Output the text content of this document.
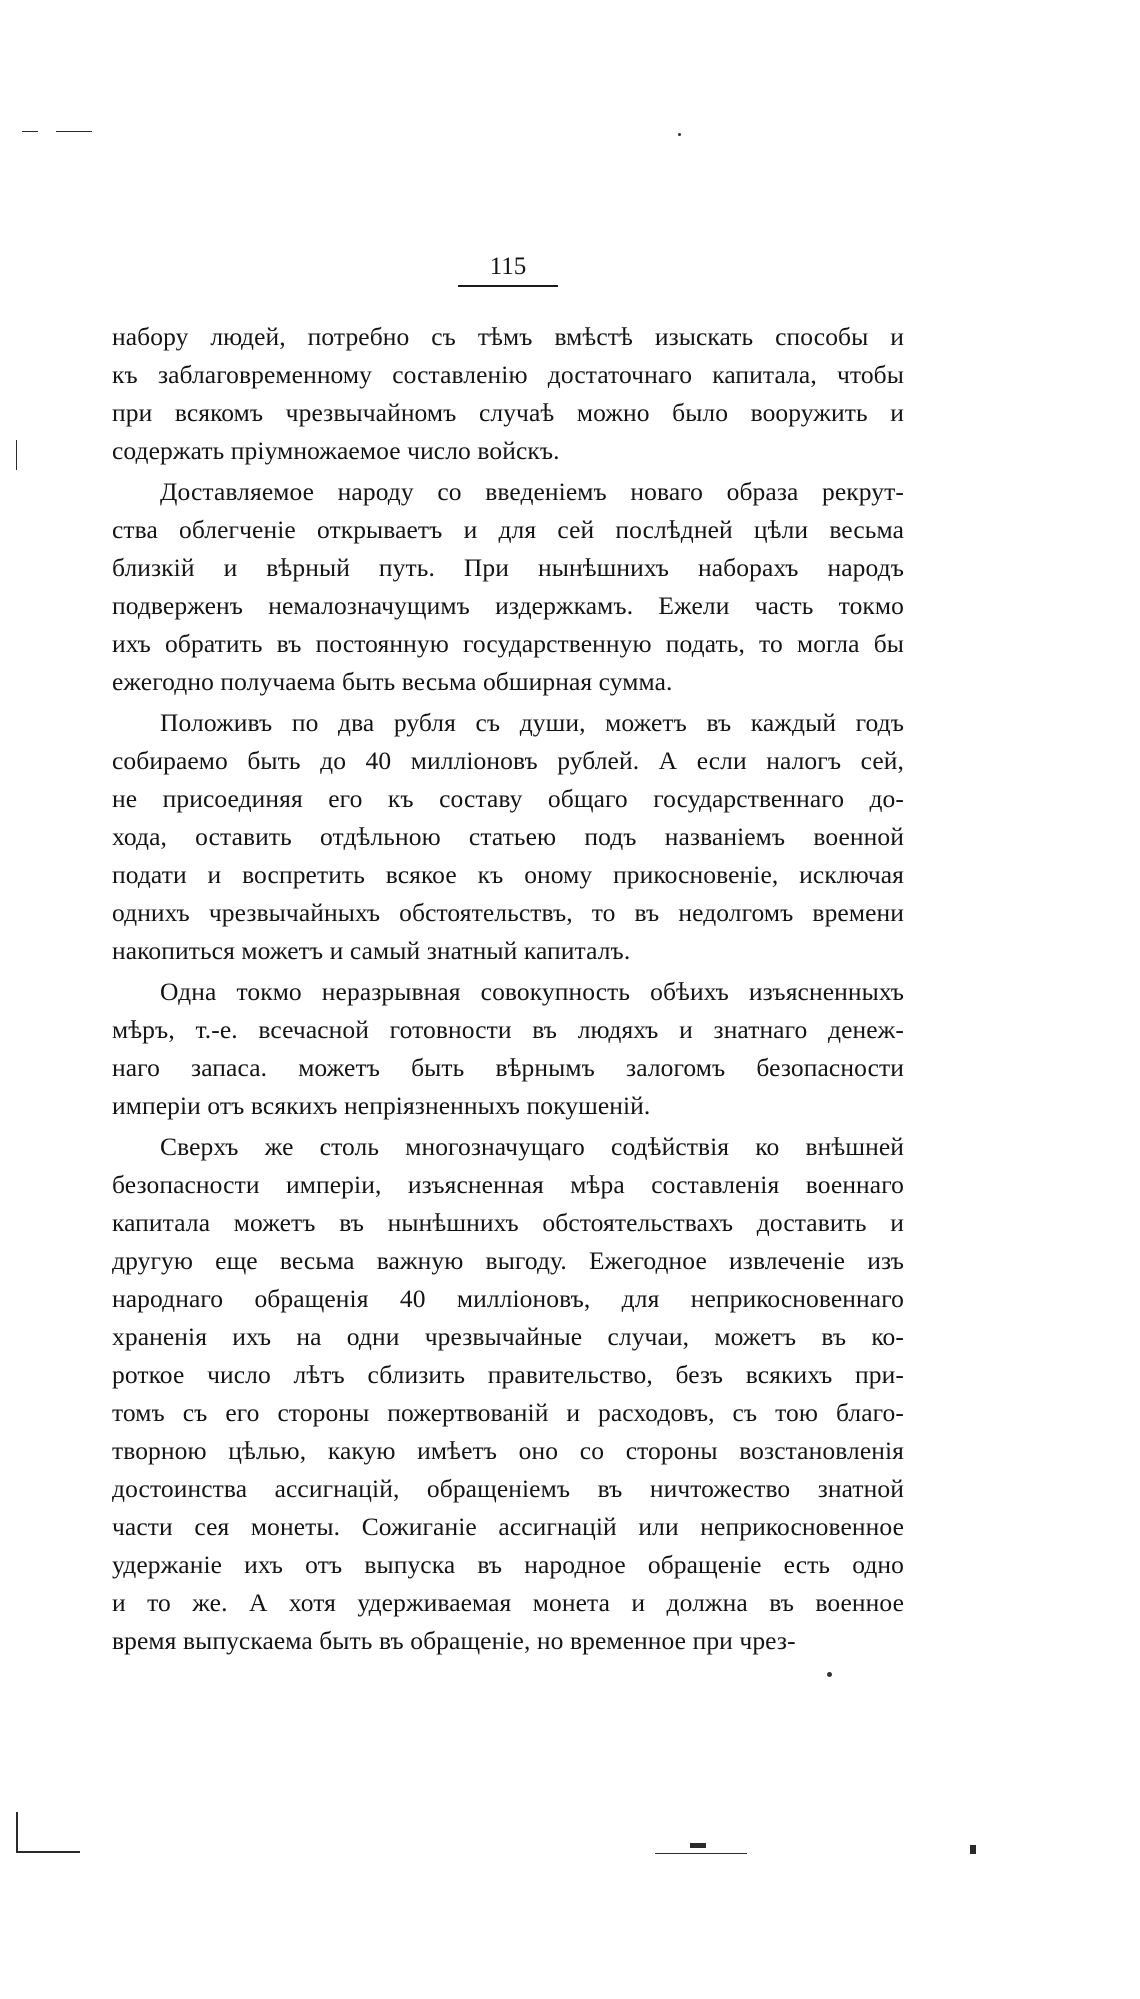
115
набору людей, потребно съ тѣмъ вмѣстѣ изыскать способы и
къ заблаговременному составленію достаточнаго капитала, чтобы
при всякомъ чрезвычайномъ случаѣ можно было вооружить и
содержать пріумножаемое число войскъ.
Доставляемое народу со введеніемъ новаго образа рекрут-
ства облегченіе открываетъ и для сей послѣдней цѣли весьма
близкій и вѣрный путь. При нынѣшнихъ наборахъ народъ
подверженъ немалозначущимъ издержкамъ. Ежели часть токмо
ихъ обратить въ постоянную государственную подать, то могла бы
ежегодно получаема быть весьма обширная сумма.
Положивъ по два рубля съ души, можетъ въ каждый годъ
собираемо быть до 40 милліоновъ рублей. А если налогъ сей,
не присоединяя его къ составу общаго государственнаго до-
хода, оставить отдѣльною статьею подъ названіемъ военной
подати и воспретить всякое къ оному прикосновеніе, исключая
однихъ чрезвычайныхъ обстоятельствъ, то въ недолгомъ времени
накопиться можетъ и самый знатный капиталъ.
Одна токмо неразрывная совокупность обѣихъ изъясненныхъ
мѣръ, т.-е. всечасной готовности въ людяхъ и знатнаго денеж-
наго запаса. можетъ быть вѣрнымъ залогомъ безопасности
имперіи отъ всякихъ непріязненныхъ покушеній.
Сверхъ же столь многозначущаго содѣйствія ко внѣшней
безопасности имперіи, изъясненная мѣра составленія военнаго
капитала можетъ въ нынѣшнихъ обстоятельствахъ доставить и
другую еще весьма важную выгоду. Ежегодное извлеченіе изъ
народнаго обращенія 40 милліоновъ, для неприкосновеннаго
храненія ихъ на одни чрезвычайные случаи, можетъ въ ко-
роткое число лѣтъ сблизить правительство, безъ всякихъ при-
томъ съ его стороны пожертвованій и расходовъ, съ тою благо-
творною цѣлью, какую имѣетъ оно со стороны возстановленія
достоинства ассигнацій, обращеніемъ въ ничтожество знатной
части сея монеты. Сожиганіе ассигнацій или неприкосновенное
удержаніе ихъ отъ выпуска въ народное обращеніе есть одно
и то же. А хотя удерживаемая монета и должна въ военное
время выпускаема быть въ обращеніе, но временное при чрез-
